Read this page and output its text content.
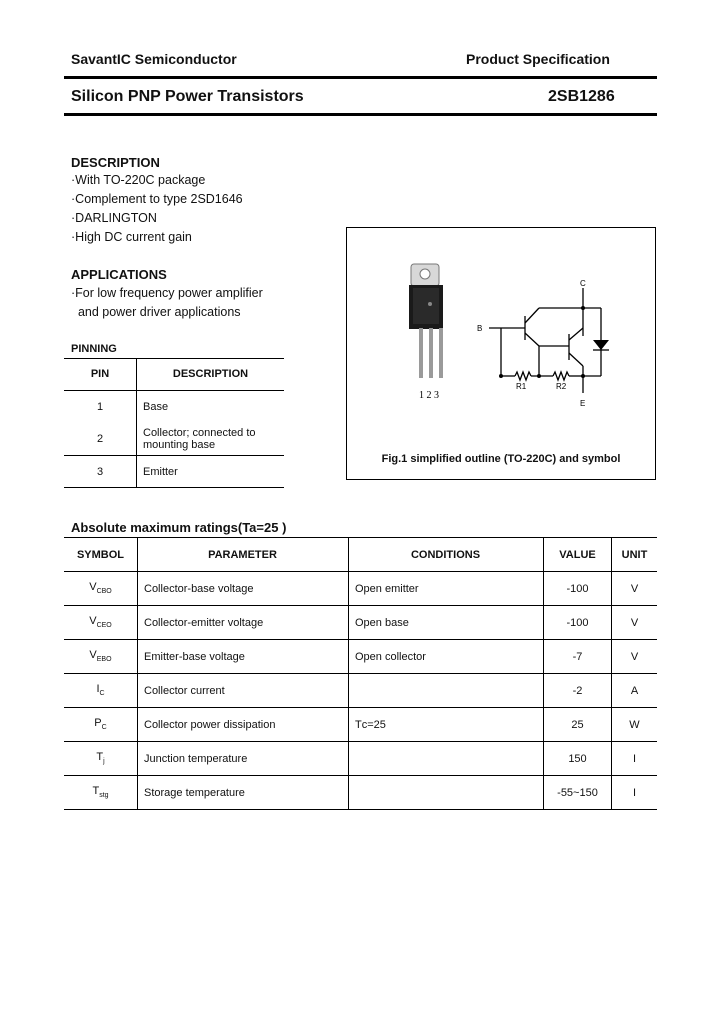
SavantIC Semiconductor	Product Specification
Silicon PNP Power Transistors	2SB1286
DESCRIPTION
·With TO-220C package
·Complement to type 2SD1646
·DARLINGTON
·High DC current gain
APPLICATIONS
·For low frequency power amplifier
and power driver applications
PINNING
PIN	DESCRIPTION
1	Base
2	Collector; connected to mounting base
3	Emitter
1 2 3
B
C
E
R1	R2
Fig.1 simplified outline (TO-220C) and symbol
Absolute maximum ratings(Ta=25 )
SYMBOL	PARAMETER	CONDITIONS	VALUE	UNIT
$V_{CBO}$	Collector-base voltage	Open emitter	-100	V
$V_{CEO}$	Collector-emitter voltage	Open base	-100	V
$V_{EBO}$	Emitter-base voltage	Open collector	-7	V
$I_C$	Collector current		-2	A
$P_C$	Collector power dissipation	Tᴄ=25	25	W
$T_j$	Junction temperature		150	I
$T_{stg}$	Storage temperature		-55~150	I
